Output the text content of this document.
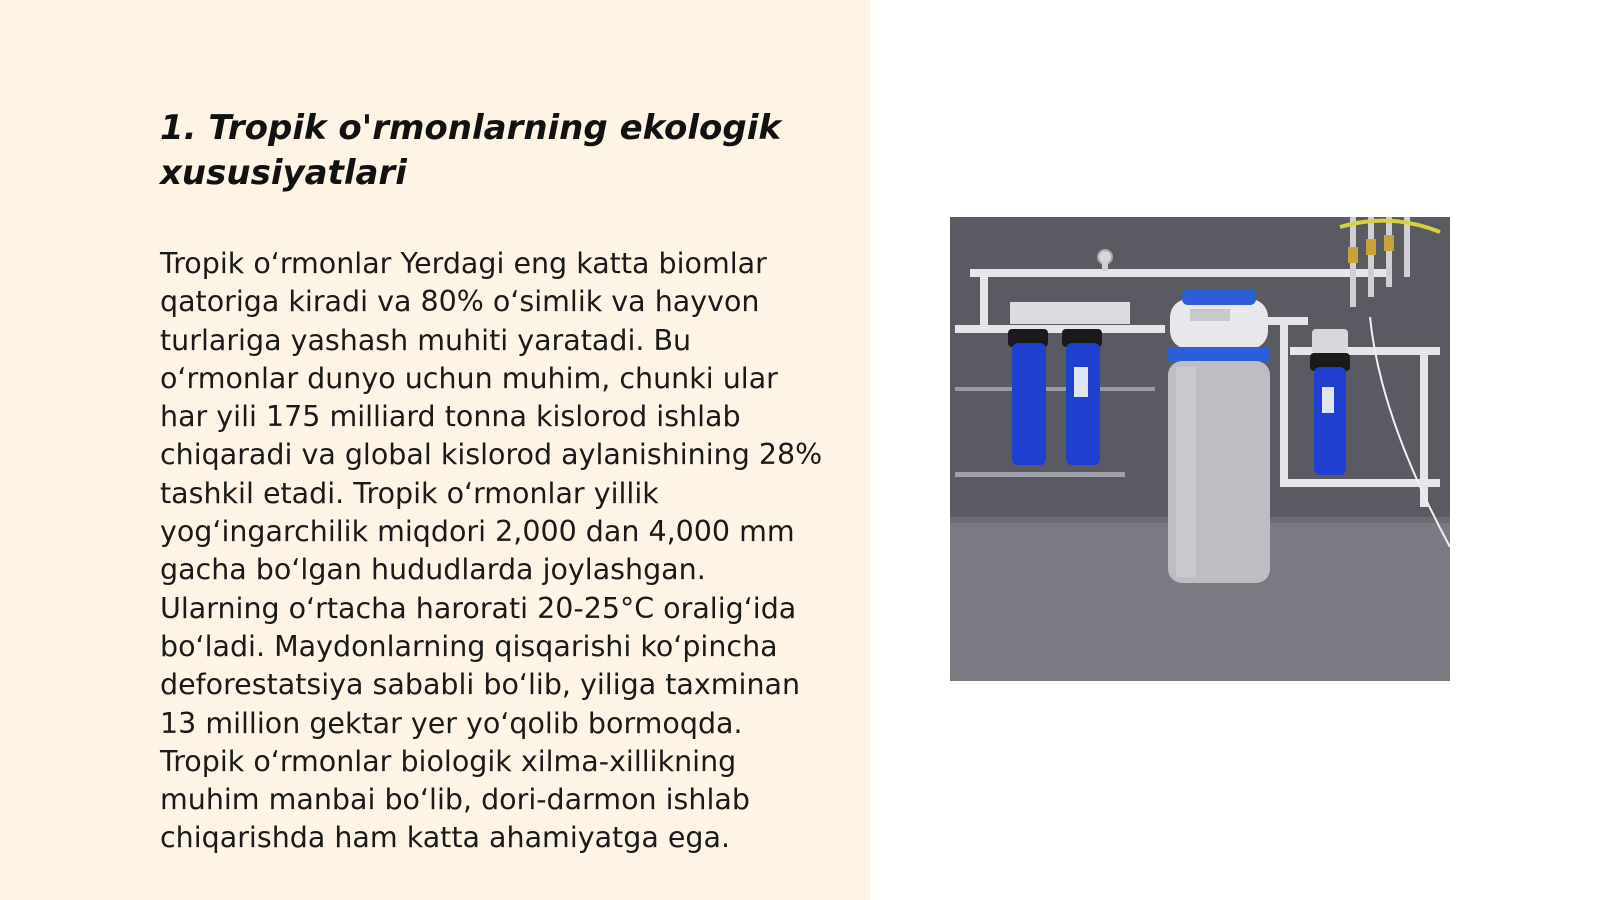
1. Tropik o'rmonlarning ekologik xususiyatlari

Tropik oʻrmonlar Yerdagi eng katta biomlar qatoriga kiradi va 80% oʻsimlik va hayvon turlariga yashash muhiti yaratadi. Bu oʻrmonlar dunyo uchun muhim, chunki ular har yili 175 milliard tonna kislorod ishlab chiqaradi va global kislorod aylanishining 28% tashkil etadi. Tropik oʻrmonlar yillik yogʻingarchilik miqdori 2,000 dan 4,000 mm gacha boʻlgan hududlarda joylashgan. Ularning oʻrtacha harorati 20-25°C oraligʻida boʻladi. Maydonlarning qisqarishi koʻpincha deforestatsiya sababli boʻlib, yiliga taxminan 13 million gektar yer yoʻqolib bormoqda. Tropik oʻrmonlar biologik xilma-xillikning muhim manbai boʻlib, dori-darmon ishlab chiqarishda ham katta ahamiyatga ega.
